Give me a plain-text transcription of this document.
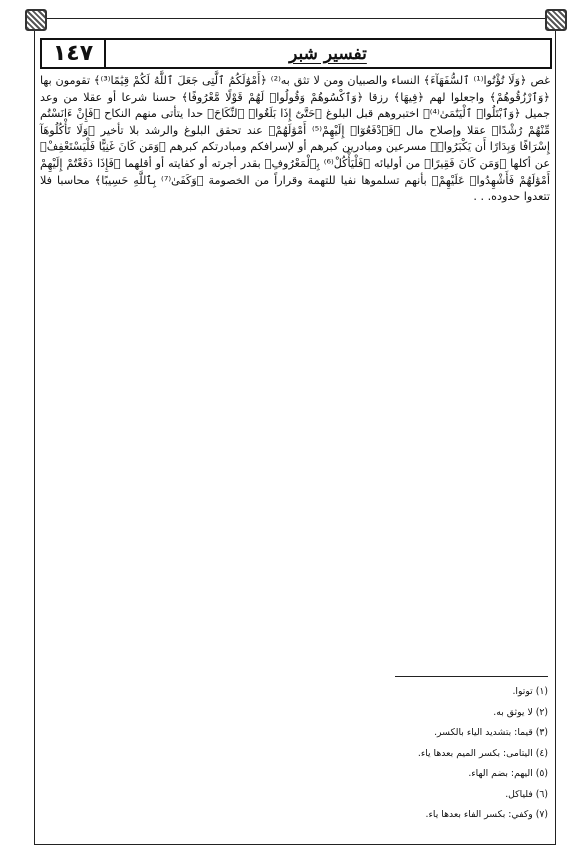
١٤٧	تفسير شبر

غص ﴿وَلَا تُؤْتُوا⁽¹⁾ ٱلسُّفَهَآءَ﴾ النساء والصبيان ومن لا تثق به⁽²⁾ ﴿أَمْوَٰلَكُمُ ٱلَّتِى جَعَلَ ٱللَّهُ لَكُمْ قِيَٰمًا⁽³⁾﴾ تقومون بها ﴿وَٱرْزُقُوهُمْ﴾ واجعلوا لهم ﴿فِيهَا﴾ رزقا ﴿وَٱكْسُوهُمْ وَقُولُوا۟ لَهُمْ قَوْلًا مَّعْرُوفًا﴾ حسنا شرعا أو عقلا من وعد جميل ﴿وَٱبْتَلُوا۟ ٱلْيَتَٰمَىٰ⁽⁴⁾﴾ اختبروهم قبل البلوغ ﴿حَتَّىٰٓ إِذَا بَلَغُوا۟ ٱلنِّكَاحَ﴾ حدا يتأتى منهم النكاح ﴿فَإِنْ ءَانَسْتُم مِّنْهُمْ رُشْدًا﴾ عقلا وإصلاح مال ﴿فَٱدْفَعُوٓا۟ إِلَيْهِمْ⁽⁵⁾ أَمْوَٰلَهُمْ﴾ عند تحقق البلوغ والرشد بلا تأخير ﴿وَلَا تَأْكُلُوهَآ إِسْرَافًا وَبِدَارًا أَن يَكْبَرُوا۟﴾ مسرعين ومبادرين كبرهم أو لإسرافكم ومبادرتكم كبرهم ﴿وَمَن كَانَ غَنِيًّا فَلْيَسْتَعْفِفْ﴾ عن أكلها ﴿وَمَن كَانَ فَقِيرًا﴾ من أوليائه ﴿فَلْيَأْكُلْ⁽⁶⁾ بِٱلْمَعْرُوفِ﴾ بقدر أجرته أو كفايته أو أقلهما ﴿فَإِذَا دَفَعْتُمْ إِلَيْهِمْ أَمْوَٰلَهُمْ فَأَشْهِدُوا۟ عَلَيْهِمْ﴾ بأنهم تسلموها نفيا للتهمة وقراراً من الخصومة ﴿وَكَفَىٰ⁽⁷⁾ بِٱللَّهِ حَسِيبًا﴾ محاسبا فلا تتعدوا حدوده. . .

(١) توتوا.
(٢) لا يوثق به.
(٣) قيما: بتشديد الياء بالكسر.
(٤) اليتامى: بكسر الميم بعدها ياء.
(٥) اليهم: بضم الهاء.
(٦) فلياكل.
(٧) وكفي: بكسر الفاء بعدها ياء.
